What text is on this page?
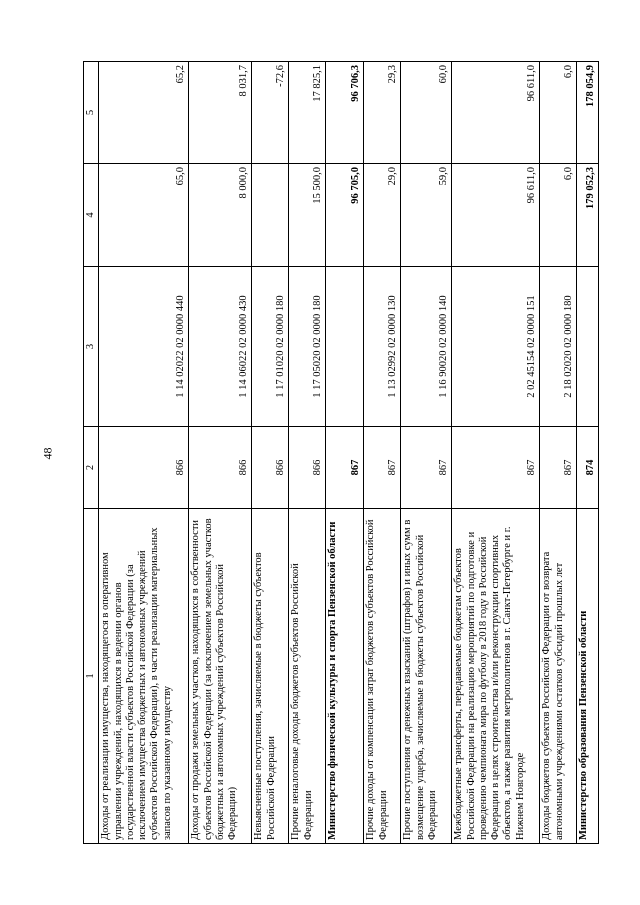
48
1	2	3	4	5
Доходы от реализации имущества, находящегося в оперативном управлении учреждений, находящихся в ведении органов государственной власти субъектов Российской Федерации (за исключением имущества бюджетных и автономных учреждений субъектов Российской Федерации), в части реализации материальных запасов по указанному имуществу	866	1 14 02022 02 0000 440	65,0	65,2
Доходы от продажи земельных участков, находящихся в собственности субъектов Российской Федерации (за исключением земельных участков бюджетных и автономных учреждений субъектов Российской Федерации)	866	1 14 06022 02 0000 430	8 000,0	8 031,7
Невыясненные поступления, зачисляемые в бюджеты субъектов Российской Федерации	866	1 17 01020 02 0000 180		-72,6
Прочие неналоговые доходы бюджетов субъектов Российской Федерации	866	1 17 05020 02 0000 180	15 500,0	17 825,1
Министерство физической культуры и спорта Пензенской области	867		96 705,0	96 706,3
Прочие доходы от компенсации затрат бюджетов субъектов Российской Федерации	867	1 13 02992 02 0000 130	29,0	29,3
Прочие поступления от денежных взысканий (штрафов) и иных сумм в возмещение ущерба, зачисляемые в бюджеты субъектов Российской Федерации	867	1 16 90020 02 0000 140	59,0	60,0
Межбюджетные трансферты, передаваемые бюджетам субъектов Российской Федерации на реализацию мероприятий по подготовке и проведению чемпионата мира по футболу в 2018 году в Российской Федерации в целях строительства и/или реконструкции спортивных объектов, а также развития метрополитенов в г. Санкт-Петербурге и г. Нижнем Новгороде	867	2 02 45154 02 0000 151	96 611,0	96 611,0
Доходы бюджетов субъектов Российской Федерации от возврата автономными учреждениями остатков субсидий прошлых лет	867	2 18 02020 02 0000 180	6,0	6,0
Министерство образования Пензенской области	874		179 052,3	178 054,9
